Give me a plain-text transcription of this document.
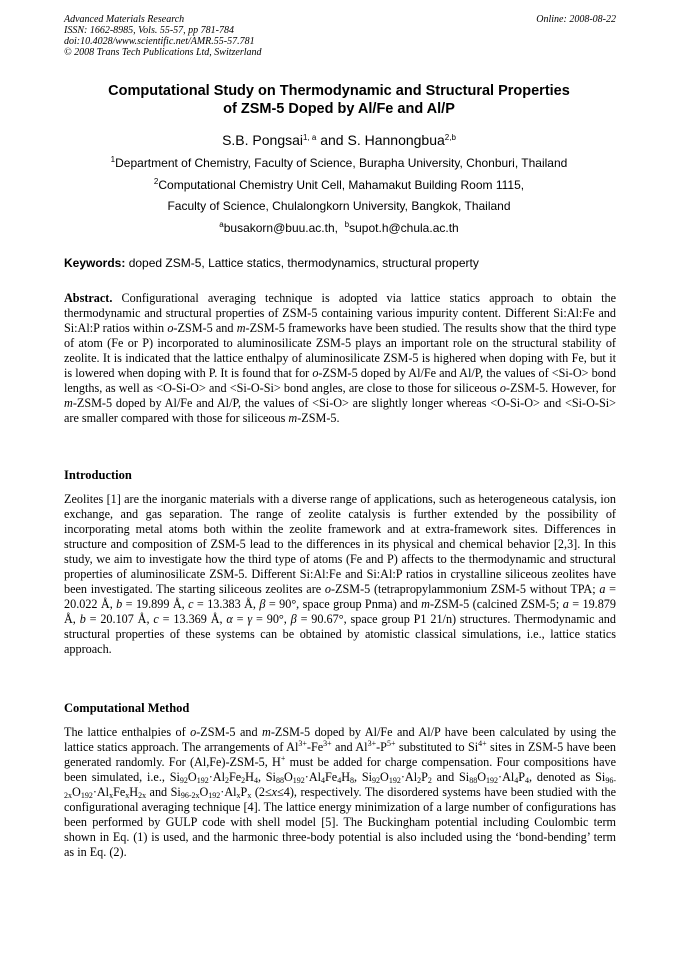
Advanced Materials Research
ISSN: 1662-8985, Vols. 55-57, pp 781-784
doi:10.4028/www.scientific.net/AMR.55-57.781
© 2008 Trans Tech Publications Ltd, Switzerland
Online: 2008-08-22
Computational Study on Thermodynamic and Structural Properties
of ZSM-5 Doped by Al/Fe and Al/P
S.B. Pongsai$^{1, a}$ and S. Hannongbua$^{2,b}$
$^1$Department of Chemistry, Faculty of Science, Burapha University, Chonburi, Thailand
$^2$Computational Chemistry Unit Cell, Mahamakut Building Room 1115,
Faculty of Science, Chulalongkorn University, Bangkok, Thailand
$^a$busakorn@buu.ac.th, $^b$supot.h@chula.ac.th
Keywords: doped ZSM-5, Lattice statics, thermodynamics, structural property

Abstract. Configurational averaging technique is adopted via lattice statics approach to obtain the thermodynamic and structural properties of ZSM-5 containing various impurity content. Different Si:Al:Fe and Si:Al:P ratios within o-ZSM-5 and m-ZSM-5 frameworks have been studied. The results show that the third type of atom (Fe or P) incorporated to aluminosilicate ZSM-5 plays an important role on the structural stability of zeolite. It is indicated that the lattice enthalpy of aluminosilicate ZSM-5 is highered when doping with Fe, but it is lowered when doping with P. It is found that for o-ZSM-5 doped by Al/Fe and Al/P, the values of <Si-O> bond lengths, as well as <O-Si-O> and <Si-O-Si> bond angles, are close to those for siliceous o-ZSM-5. However, for m-ZSM-5 doped by Al/Fe and Al/P, the values of <Si-O> are slightly longer whereas <O-Si-O> and <Si-O-Si> are smaller compared with those for siliceous m-ZSM-5.

Introduction

Zeolites [1] are the inorganic materials with a diverse range of applications, such as heterogeneous catalysis, ion exchange, and gas separation. The range of zeolite catalysis is further extended by the possibility of incorporating metal atoms both within the zeolite framework and at extra-framework sites. Differences in structure and composition of ZSM-5 lead to the differences in its physical and chemical behavior [2,3]. In this study, we aim to investigate how the third type of atoms (Fe and P) affects to the thermodynamic and structural properties of aluminosilicate ZSM-5. Different Si:Al:Fe and Si:Al:P ratios in crystalline siliceous zeolites have been investigated. The starting siliceous zeolites are o-ZSM-5 (tetrapropylammonium ZSM-5 without TPA; a = 20.022 Å, b = 19.899 Å, c = 13.383 Å, β = 90°, space group Pnma) and m-ZSM-5 (calcined ZSM-5; a = 19.879 Å, b = 20.107 Å, c = 13.369 Å, α = γ = 90°, β = 90.67°, space group P1 21/n) structures. Thermodynamic and structural properties of these systems can be obtained by atomistic classical simulations, i.e., lattice statics approach.

Computational Method

The lattice enthalpies of o-ZSM-5 and m-ZSM-5 doped by Al/Fe and Al/P have been calculated by using the lattice statics approach. The arrangements of $Al^{3+}-Fe^{3+}$ and $Al^{3+}-P^{5+}$ substituted to $Si^{4+}$ sites in ZSM-5 have been generated randomly. For (Al,Fe)-ZSM-5, H+ must be added for charge compensation. Four compositions have been simulated, i.e., $Si_{92}O_{192}\cdot Al_2Fe_2H_4$, $Si_{88}O_{192}\cdot Al_4Fe_4H_8$, $Si_{92}O_{192}\cdot Al_2P_2$ and $Si_{88}O_{192}\cdot Al_4P_4$, denoted as $Si_{96-2x}O_{192}\cdot Al_xFe_xH_{2x}$ and $Si_{96-2x}O_{192}\cdot Al_xP_x$ (2≤x≤4), respectively. The disordered systems have been studied with the configurational averaging technique [4]. The lattice energy minimization of a large number of configurations has been performed by GULP code with shell model [5]. The Buckingham potential including Coulombic term shown in Eq. (1) is used, and the harmonic three-body potential is also included using the ‘bond-bending’ term as in Eq. (2).
